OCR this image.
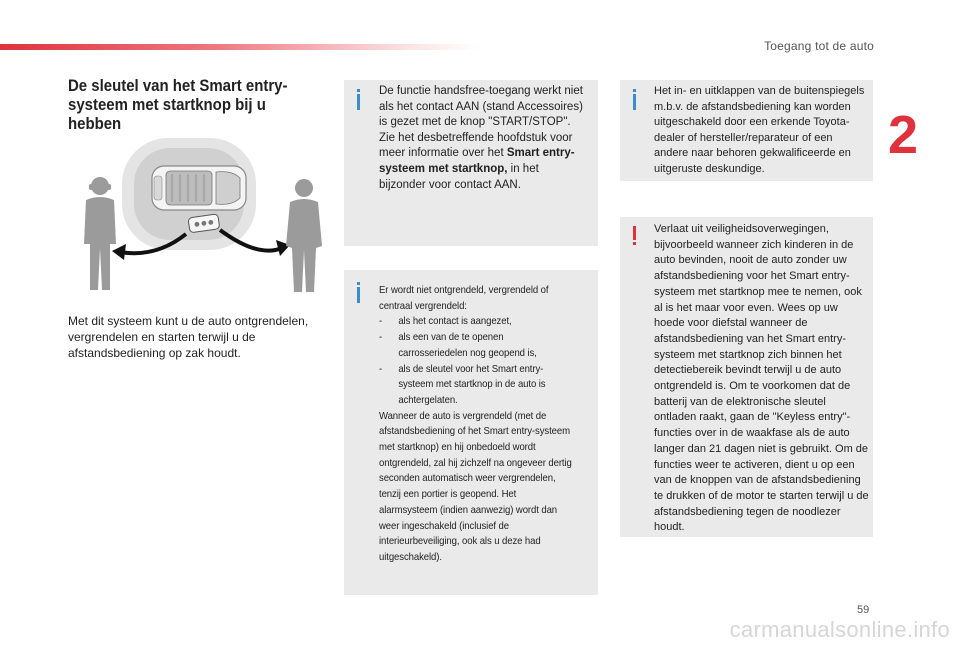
Toegang tot de auto
2
De sleutel van het Smart entry-systeem met startknop bij u hebben
Met dit systeem kunt u de auto ontgrendelen, vergrendelen en starten terwijl u de afstandsbediening op zak houdt.
De functie handsfree-toegang werkt niet als het contact AAN (stand Accessoires) is gezet met de knop "START/STOP". Zie het desbetreffende hoofdstuk voor meer informatie over het Smart entry-systeem met startknop, in het bijzonder voor contact AAN.
Er wordt niet ontgrendeld, vergrendeld of centraal vergrendeld:
- als het contact is aangezet,
- als een van de te openen carrosseriedelen nog geopend is,
- als de sleutel voor het Smart entry-systeem met startknop in de auto is achtergelaten.
Wanneer de auto is vergrendeld (met de afstandsbediening of het Smart entry-systeem met startknop) en hij onbedoeld wordt ontgrendeld, zal hij zichzelf na ongeveer dertig seconden automatisch weer vergrendelen, tenzij een portier is geopend. Het alarmsysteem (indien aanwezig) wordt dan weer ingeschakeld (inclusief de interieurbeveiliging, ook als u deze had uitgeschakeld).
Het in- en uitklappen van de buitenspiegels m.b.v. de afstandsbediening kan worden uitgeschakeld door een erkende Toyota-dealer of hersteller/reparateur of een andere naar behoren gekwalificeerde en uitgeruste deskundige.
Verlaat uit veiligheidsoverwegingen, bijvoorbeeld wanneer zich kinderen in de auto bevinden, nooit de auto zonder uw afstandsbediening voor het Smart entry-systeem met startknop mee te nemen, ook al is het maar voor even. Wees op uw hoede voor diefstal wanneer de afstandsbediening van het Smart entry-systeem met startknop zich binnen het detectiebereik bevindt terwijl u de auto ontgrendeld is. Om te voorkomen dat de batterij van de elektronische sleutel ontladen raakt, gaan de "Keyless entry"-functies over in de waakfase als de auto langer dan 21 dagen niet is gebruikt. Om de functies weer te activeren, dient u op een van de knoppen van de afstandsbediening te drukken of de motor te starten terwijl u de afstandsbediening tegen de noodlezer houdt.
59
carmanualsonline.info
